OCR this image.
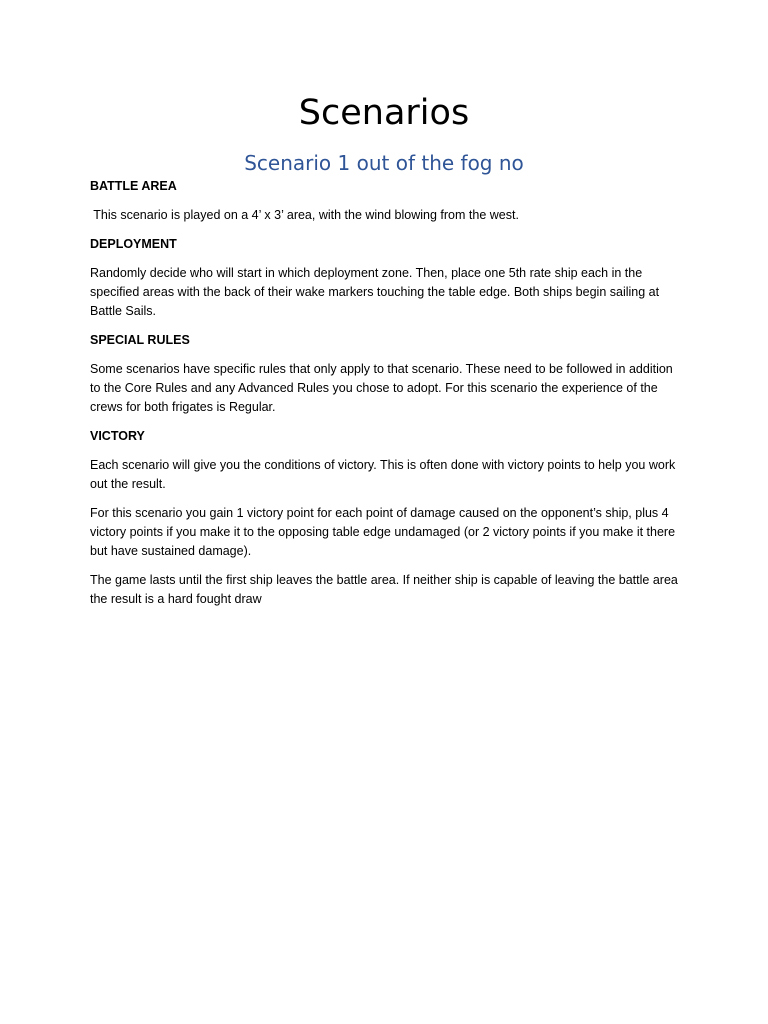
Scenarios
Scenario 1 out of the fog no

BATTLE AREA

This scenario is played on a 4’ x 3’ area, with the wind blowing from the west.

DEPLOYMENT

Randomly decide who will start in which deployment zone. Then, place one 5th rate ship each in the specified areas with the back of their wake markers touching the table edge. Both ships begin sailing at Battle Sails.

SPECIAL RULES

Some scenarios have specific rules that only apply to that scenario. These need to be followed in addition to the Core Rules and any Advanced Rules you chose to adopt. For this scenario the experience of the crews for both frigates is Regular.

VICTORY

Each scenario will give you the conditions of victory. This is often done with victory points to help you work out the result.

For this scenario you gain 1 victory point for each point of damage caused on the opponent’s ship, plus 4 victory points if you make it to the opposing table edge undamaged (or 2 victory points if you make it there but have sustained damage).

The game lasts until the first ship leaves the battle area. If neither ship is capable of leaving the battle area the result is a hard fought draw
